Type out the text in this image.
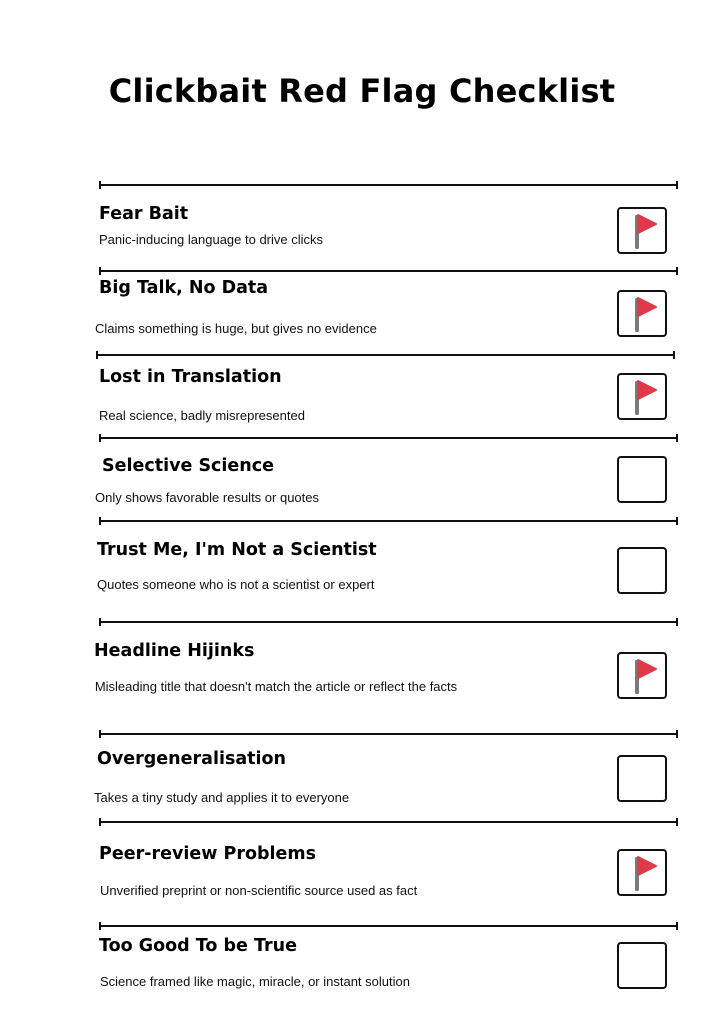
Clickbait Red Flag Checklist
Fear Bait
Panic-inducing language to drive clicks
Big Talk, No Data
Claims something is huge, but gives no evidence
Lost in Translation
Real science, badly misrepresented
Selective Science
Only shows favorable results or quotes
Trust Me, I'm Not a Scientist
Quotes someone who is not a scientist or expert
Headline Hijinks
Misleading title that doesn't match the article or reflect the facts
Overgeneralisation
Takes a tiny study and applies it to everyone
Peer-review Problems
Unverified preprint or non-scientific source used as fact
Too Good To be True
Science framed like magic, miracle, or instant solution
